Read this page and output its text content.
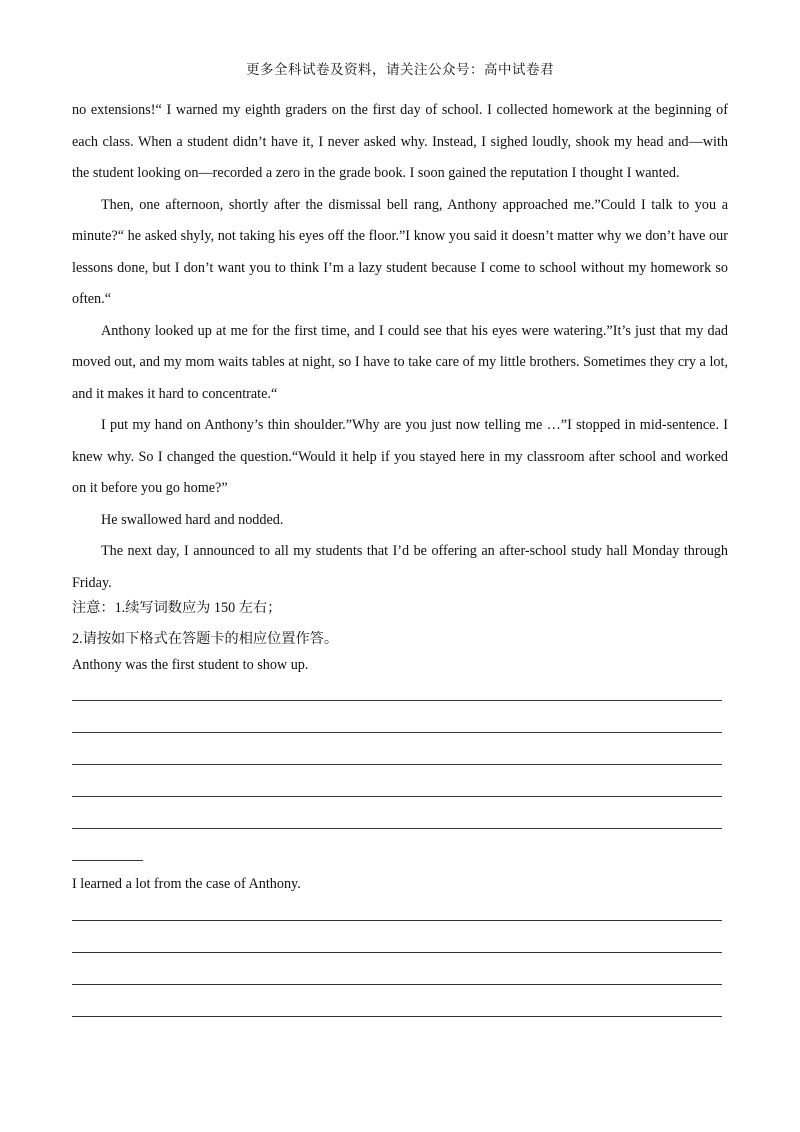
更多全科试卷及资料，请关注公众号：高中试卷君

no extensions!“ I warned my eighth graders on the first day of school. I collected homework at the beginning of each class. When a student didn’t have it, I never asked why. Instead, I sighed loudly, shook my head and—with the student looking on—recorded a zero in the grade book. I soon gained the reputation I thought I wanted.

Then, one afternoon, shortly after the dismissal bell rang, Anthony approached me.”Could I talk to you a minute?“ he asked shyly, not taking his eyes off the floor.”I know you said it doesn’t matter why we don’t have our lessons done, but I don’t want you to think I’m a lazy student because I come to school without my homework so often.“

Anthony looked up at me for the first time, and I could see that his eyes were watering.”It’s just that my dad moved out, and my mom waits tables at night, so I have to take care of my little brothers. Sometimes they cry a lot, and it makes it hard to concentrate.“

I put my hand on Anthony’s thin shoulder.”Why are you just now telling me …”I stopped in mid-sentence. I knew why. So I changed the question.“Would it help if you stayed here in my classroom after school and worked on it before you go home?”

He swallowed hard and nodded.

The next day, I announced to all my students that I’d be offering an after-school study hall Monday through Friday.

注意：1.续写词数应为 150 左右；

2.请按如下格式在答题卡的相应位置作答。

Anthony was the first student to show up.
I learned a lot from the case of Anthony.
